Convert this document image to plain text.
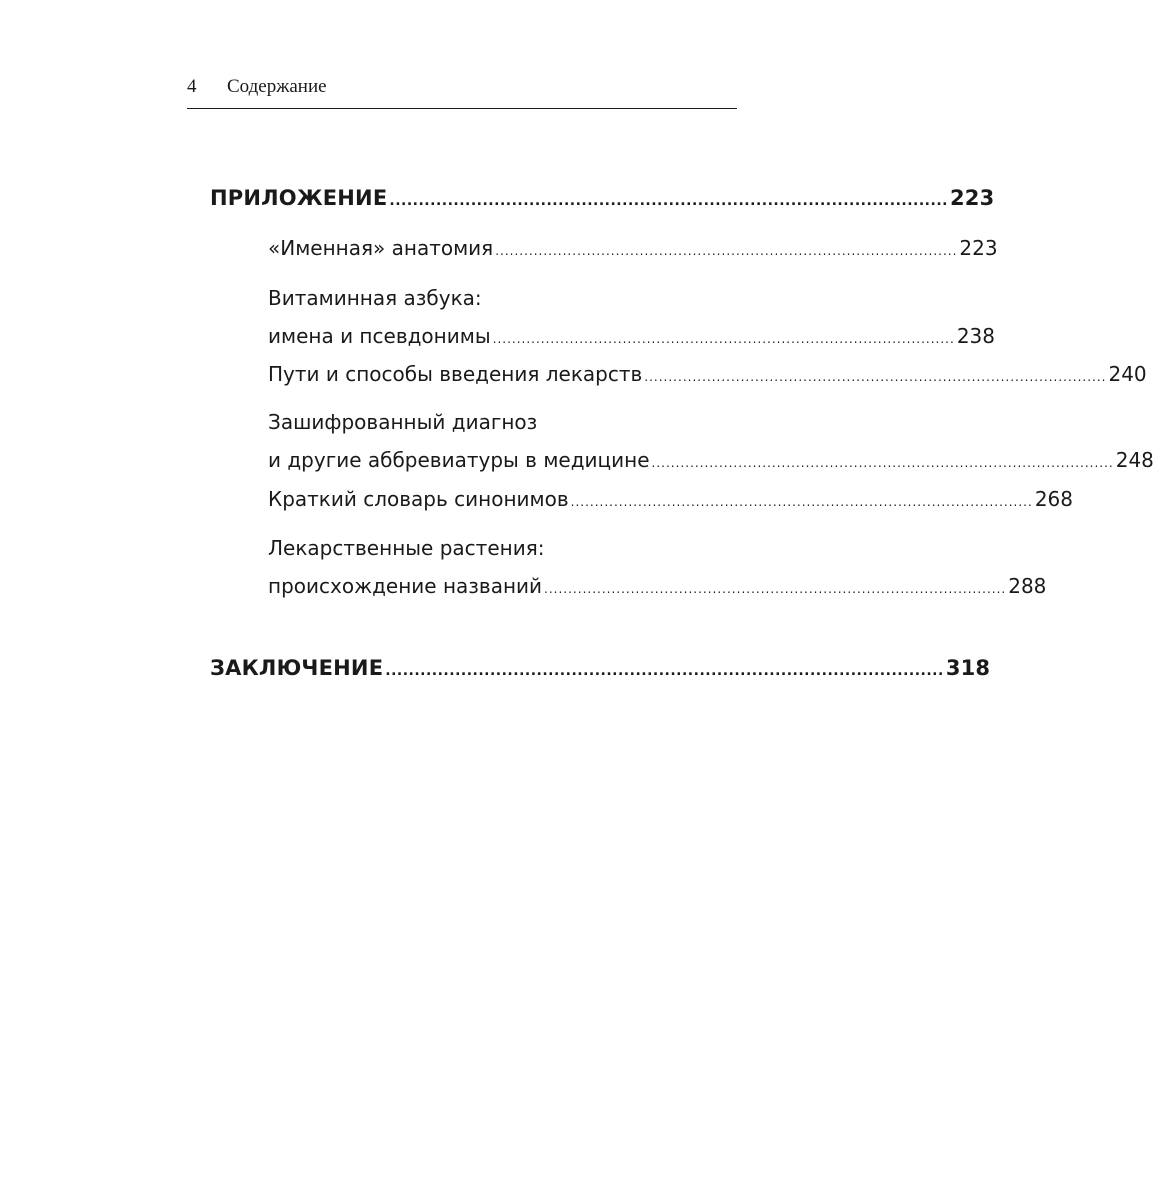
4 Содержание
ПРИЛОЖЕНИЕ ................................................................................................ 223
«Именная» анатомия ................................................................................................ 223
Витаминная азбука:
имена и псевдонимы ................................................................................................ 238
Пути и способы введения лекарств ................................................................................................ 240
Зашифрованный диагноз
и другие аббревиатуры в медицине ................................................................................................ 248
Краткий словарь синонимов ................................................................................................ 268
Лекарственные растения:
происхождение названий ................................................................................................ 288
ЗАКЛЮЧЕНИЕ ................................................................................................ 318
